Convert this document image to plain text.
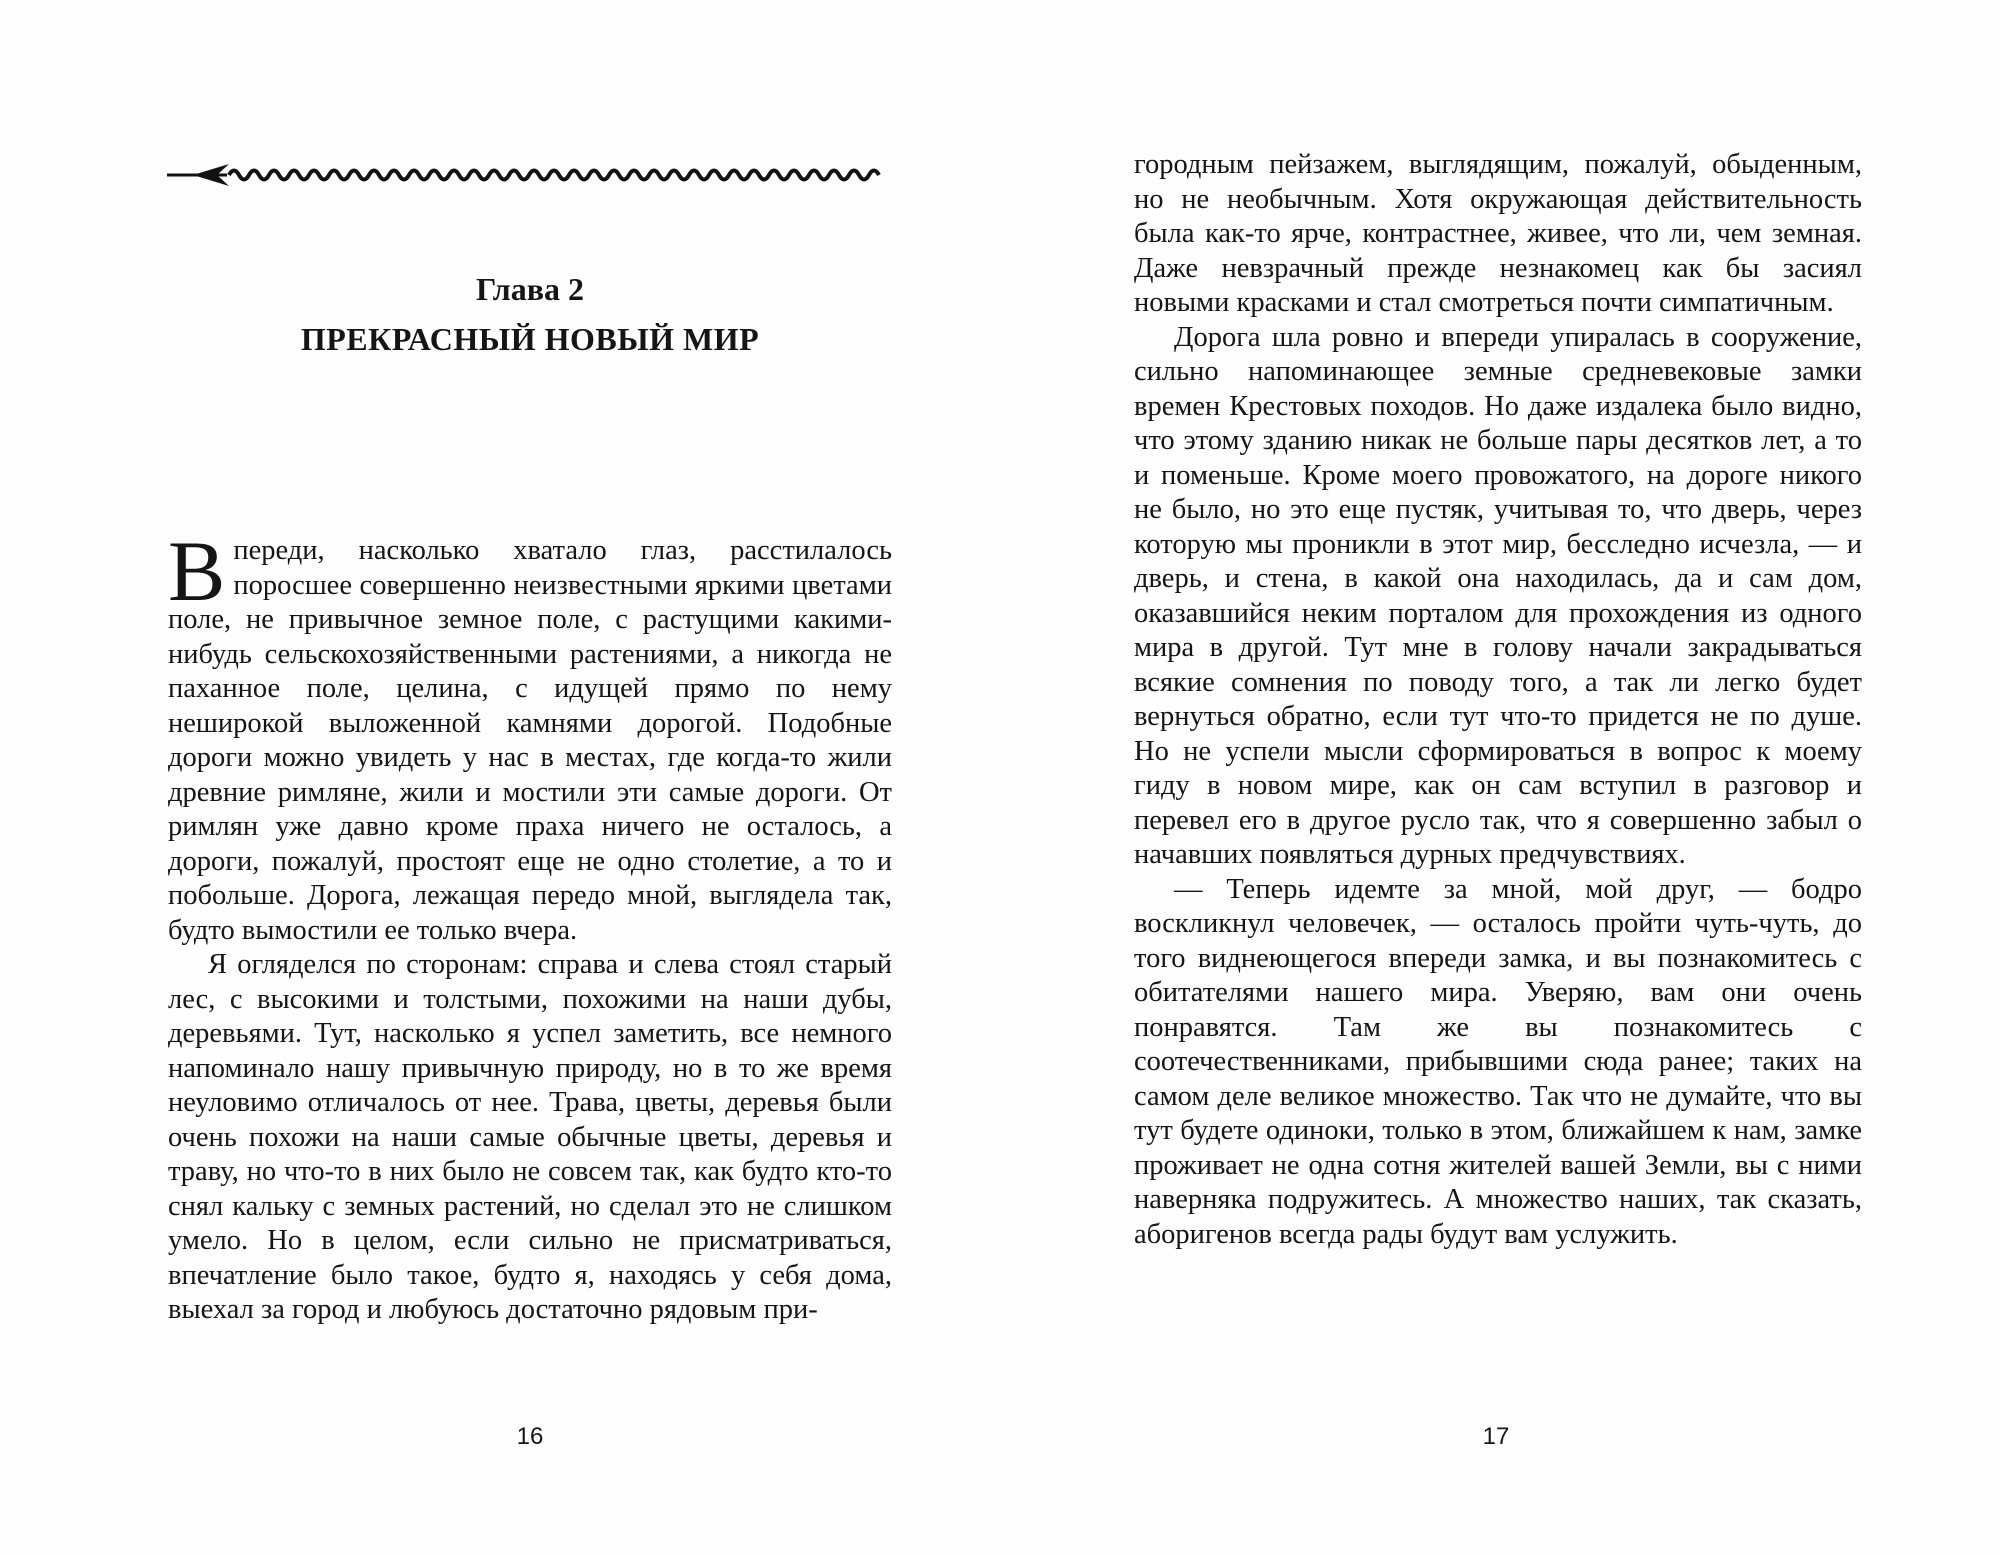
Глава 2
ПРЕКРАСНЫЙ НОВЫЙ МИР

Впереди, насколько хватало глаз, расстилалось поросшее совершенно неизвестными яркими цветами поле, не привычное земное поле, с растущими какими-нибудь сельскохозяйственными растениями, а никогда не паханное поле, целина, с идущей прямо по нему неширокой выложенной камнями дорогой. Подобные дороги можно увидеть у нас в местах, где когда-то жили древние римляне, жили и мостили эти самые дороги. От римлян уже давно кроме праха ничего не осталось, а дороги, пожалуй, простоят еще не одно столетие, а то и побольше. Дорога, лежащая передо мной, выглядела так, будто вымостили ее только вчера.

Я огляделся по сторонам: справа и слева стоял старый лес, с высокими и толстыми, похожими на наши дубы, деревьями. Тут, насколько я успел заметить, все немного напоминало нашу привычную природу, но в то же время неуловимо отличалось от нее. Трава, цветы, деревья были очень похожи на наши самые обычные цветы, деревья и траву, но что-то в них было не совсем так, как будто кто-то снял кальку с земных растений, но сделал это не слишком умело. Но в целом, если сильно не присматриваться, впечатление было такое, будто я, находясь у себя дома, выехал за город и любуюсь достаточно рядовым при-

16

городным пейзажем, выглядящим, пожалуй, обыденным, но не необычным. Хотя окружающая действительность была как-то ярче, контрастнее, живее, что ли, чем земная. Даже невзрачный прежде незнакомец как бы засиял новыми красками и стал смотреться почти симпатичным.

Дорога шла ровно и впереди упиралась в сооружение, сильно напоминающее земные средневековые замки времен Крестовых походов. Но даже издалека было видно, что этому зданию никак не больше пары десятков лет, а то и поменьше. Кроме моего провожатого, на дороге никого не было, но это еще пустяк, учитывая то, что дверь, через которую мы проникли в этот мир, бесследно исчезла, — и дверь, и стена, в какой она находилась, да и сам дом, оказавшийся неким порталом для прохождения из одного мира в другой. Тут мне в голову начали закрадываться всякие сомнения по поводу того, а так ли легко будет вернуться обратно, если тут что-то придется не по душе. Но не успели мысли сформироваться в вопрос к моему гиду в новом мире, как он сам вступил в разговор и перевел его в другое русло так, что я совершенно забыл о начавших появляться дурных предчувствиях.

— Теперь идемте за мной, мой друг, — бодро воскликнул человечек, — осталось пройти чуть-чуть, до того виднеющегося впереди замка, и вы познакомитесь с обитателями нашего мира. Уверяю, вам они очень понравятся. Там же вы познакомитесь с соотечественниками, прибывшими сюда ранее; таких на самом деле великое множество. Так что не думайте, что вы тут будете одиноки, только в этом, ближайшем к нам, замке проживает не одна сотня жителей вашей Земли, вы с ними наверняка подружитесь. А множество наших, так сказать, аборигенов всегда рады будут вам услужить.

17
